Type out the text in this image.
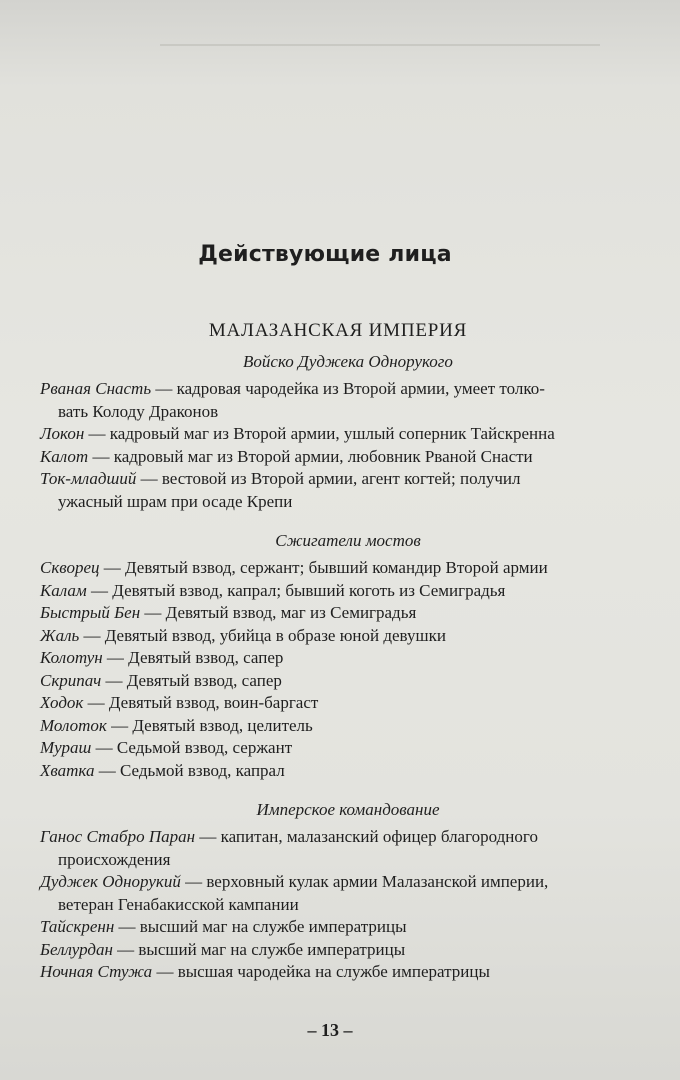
Действующие лица
МАЛАЗАНСКАЯ ИМПЕРИЯ
Войско Дуджека Однорукого
Рваная Снасть — кадровая чародейка из Второй армии, умеет толко-
вать Колоду Драконов
Локон — кадровый маг из Второй армии, ушлый соперник Тайскренна
Калот — кадровый маг из Второй армии, любовник Рваной Снасти
Ток-младший — вестовой из Второй армии, агент когтей; получил
ужасный шрам при осаде Крепи
Сжигатели мостов
Скворец — Девятый взвод, сержант; бывший командир Второй армии
Калам — Девятый взвод, капрал; бывший коготь из Семиградья
Быстрый Бен — Девятый взвод, маг из Семиградья
Жаль — Девятый взвод, убийца в образе юной девушки
Колотун — Девятый взвод, сапер
Скрипач — Девятый взвод, сапер
Ходок — Девятый взвод, воин-баргаст
Молоток — Девятый взвод, целитель
Мураш — Седьмой взвод, сержант
Хватка — Седьмой взвод, капрал
Имперское командование
Ганос Стабро Паран — капитан, малазанский офицер благородного
происхождения
Дуджек Однорукий — верховный кулак армии Малазанской империи,
ветеран Генабакисской кампании
Тайскренн — высший маг на службе императрицы
Беллурдан — высший маг на службе императрицы
Ночная Стужа — высшая чародейка на службе императрицы
– 13 –
